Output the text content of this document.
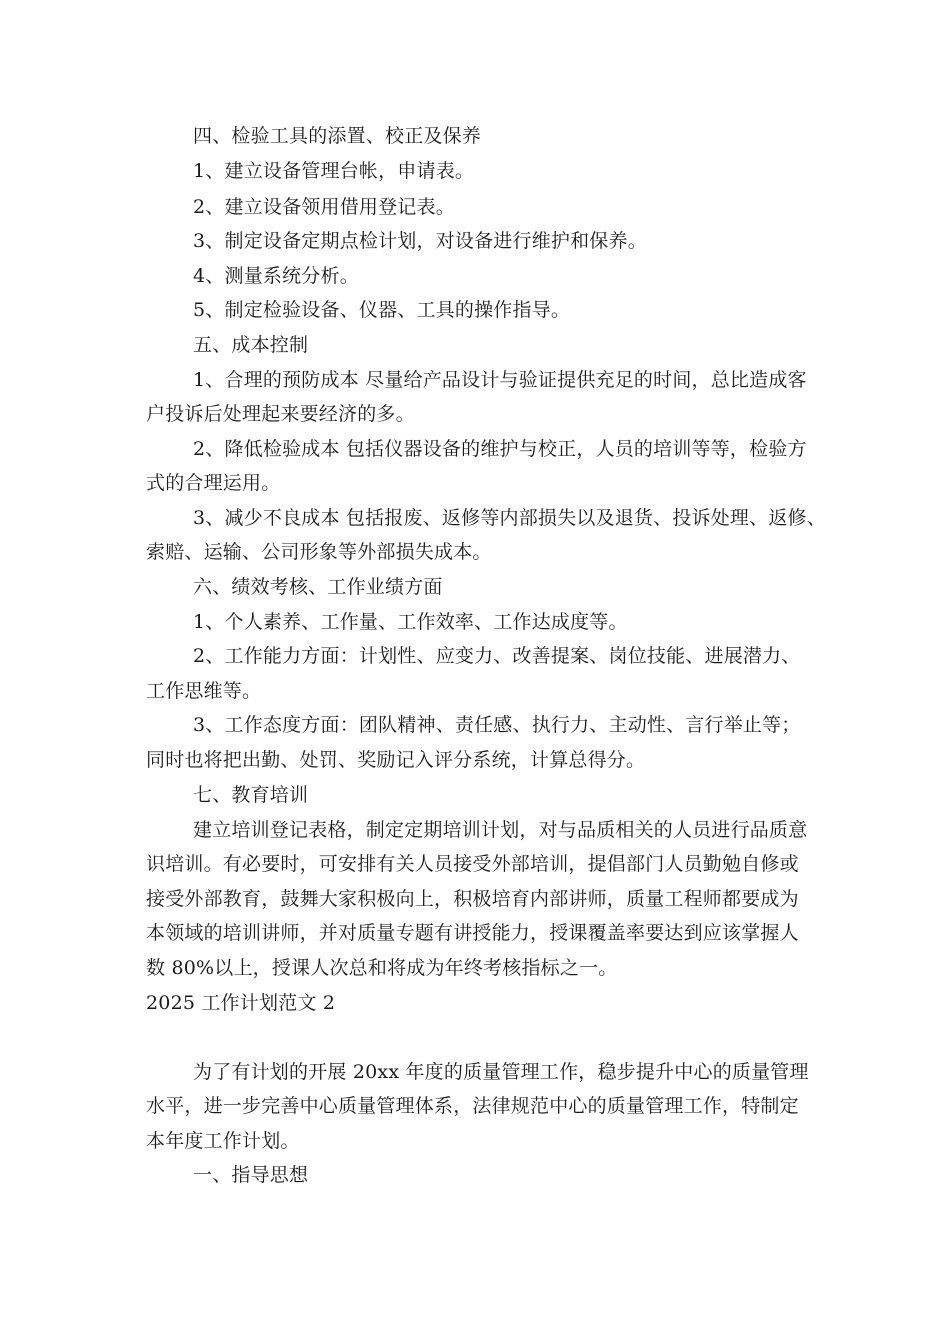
四、检验工具的添置、校正及保养
1、建立设备管理台帐，申请表。
2、建立设备领用借用登记表。
3、制定设备定期点检计划，对设备进行维护和保养。
4、测量系统分析。
5、制定检验设备、仪器、工具的操作指导。
五、成本控制
1、合理的预防成本 尽量给产品设计与验证提供充足的时间，总比造成客
户投诉后处理起来要经济的多。
2、降低检验成本 包括仪器设备的维护与校正，人员的培训等等，检验方
式的合理运用。
3、减少不良成本 包括报废、返修等内部损失以及退货、投诉处理、返修、
索赔、运输、公司形象等外部损失成本。
六、绩效考核、工作业绩方面
1、个人素养、工作量、工作效率、工作达成度等。
2、工作能力方面：计划性、应变力、改善提案、岗位技能、进展潜力、
工作思维等。
3、工作态度方面：团队精神、责任感、执行力、主动性、言行举止等；
同时也将把出勤、处罚、奖励记入评分系统，计算总得分。
七、教育培训
建立培训登记表格，制定定期培训计划，对与品质相关的人员进行品质意
识培训。有必要时，可安排有关人员接受外部培训，提倡部门人员勤勉自修或
接受外部教育，鼓舞大家积极向上，积极培育内部讲师，质量工程师都要成为
本领域的培训讲师，并对质量专题有讲授能力，授课覆盖率要达到应该掌握人
数 80%以上，授课人次总和将成为年终考核指标之一。
2025 工作计划范文 2
为了有计划的开展 20xx 年度的质量管理工作，稳步提升中心的质量管理
水平，进一步完善中心质量管理体系，法律规范中心的质量管理工作，特制定
本年度工作计划。
一、指导思想
